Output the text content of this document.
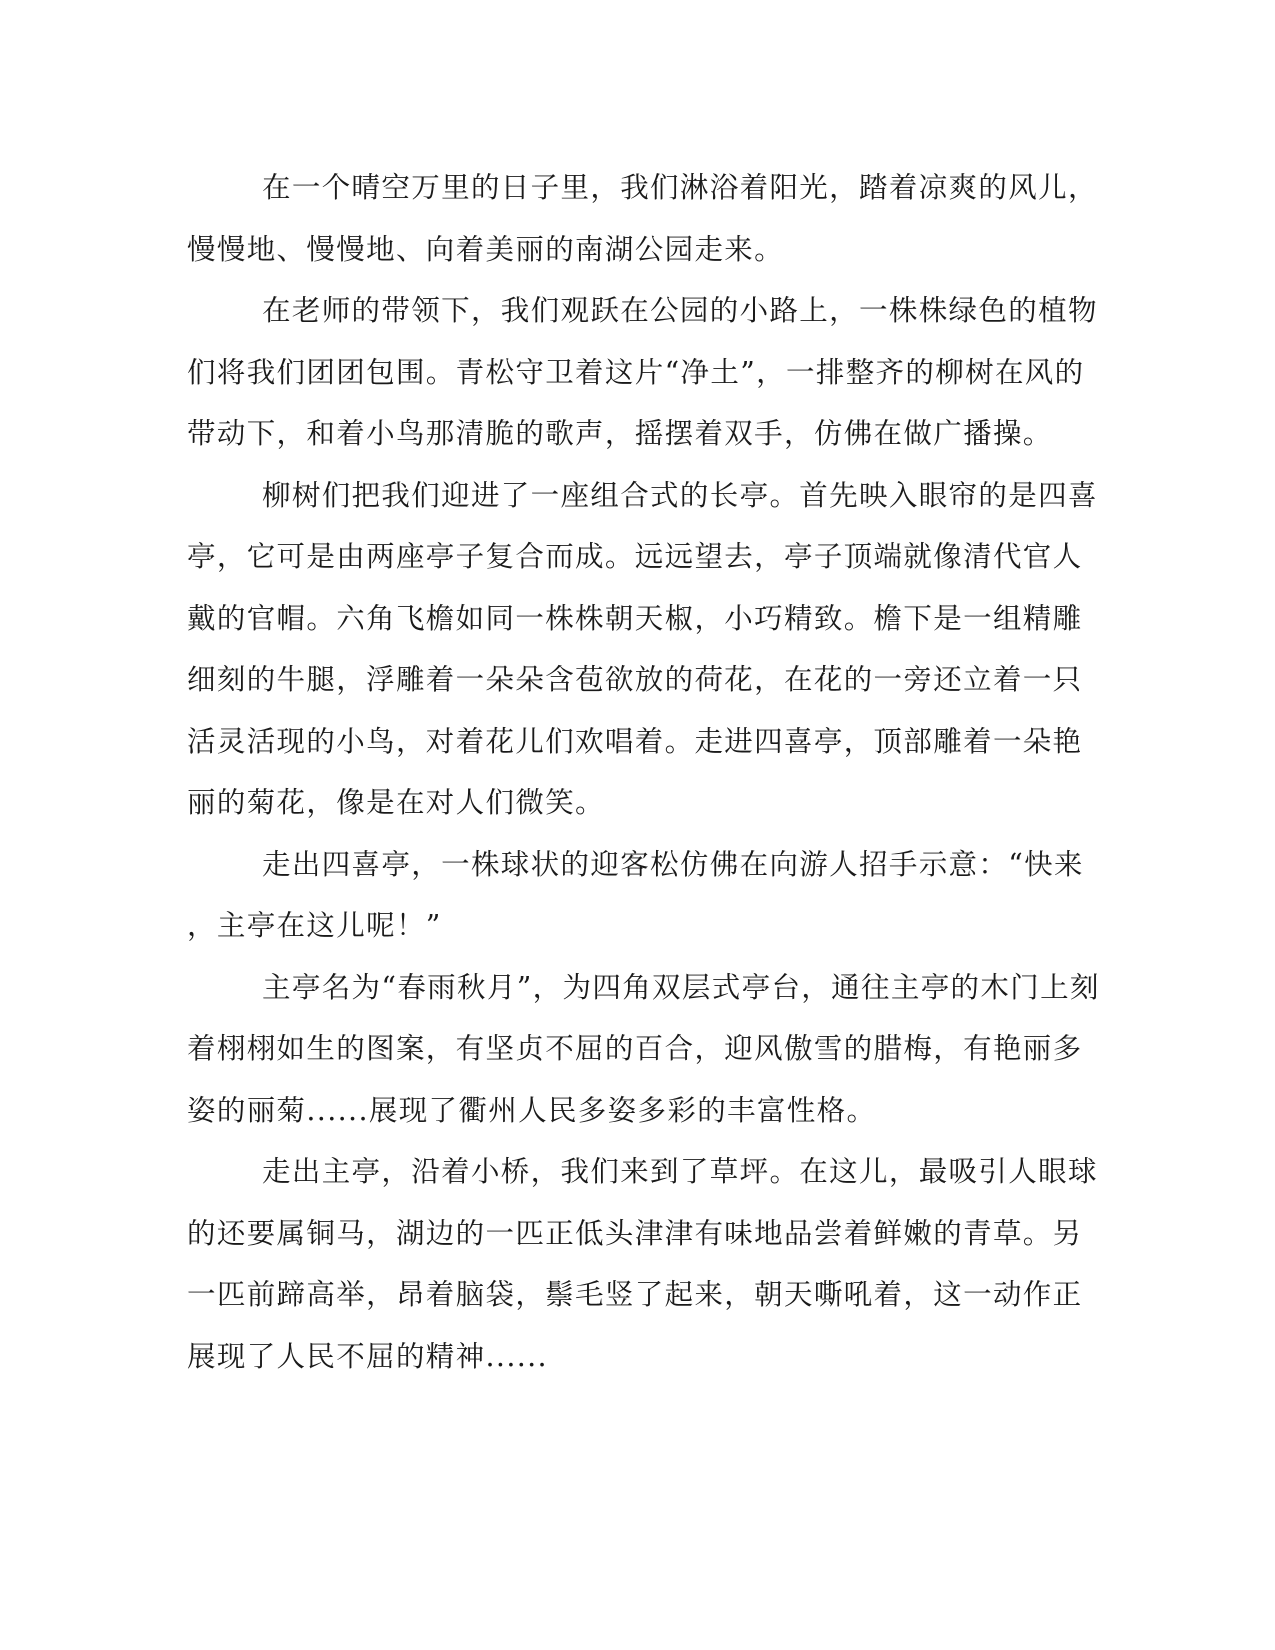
在一个晴空万里的日子里，我们淋浴着阳光，踏着凉爽的风儿，
慢慢地、慢慢地、向着美丽的南湖公园走来。
在老师的带领下，我们观跃在公园的小路上，一株株绿色的植物
们将我们团团包围。青松守卫着这片“净土”，一排整齐的柳树在风的
带动下，和着小鸟那清脆的歌声，摇摆着双手，仿佛在做广播操。
柳树们把我们迎进了一座组合式的长亭。首先映入眼帘的是四喜
亭，它可是由两座亭子复合而成。远远望去，亭子顶端就像清代官人
戴的官帽。六角飞檐如同一株株朝天椒，小巧精致。檐下是一组精雕
细刻的牛腿，浮雕着一朵朵含苞欲放的荷花，在花的一旁还立着一只
活灵活现的小鸟，对着花儿们欢唱着。走进四喜亭，顶部雕着一朵艳
丽的菊花，像是在对人们微笑。
走出四喜亭，一株球状的迎客松仿佛在向游人招手示意：“快来
，主亭在这儿呢！”
主亭名为“春雨秋月”，为四角双层式亭台，通往主亭的木门上刻
着栩栩如生的图案，有坚贞不屈的百合，迎风傲雪的腊梅，有艳丽多
姿的丽菊......展现了衢州人民多姿多彩的丰富性格。
走出主亭，沿着小桥，我们来到了草坪。在这儿，最吸引人眼球
的还要属铜马，湖边的一匹正低头津津有味地品尝着鲜嫩的青草。另
一匹前蹄高举，昂着脑袋，鬃毛竖了起来，朝天嘶吼着，这一动作正
展现了人民不屈的精神......
